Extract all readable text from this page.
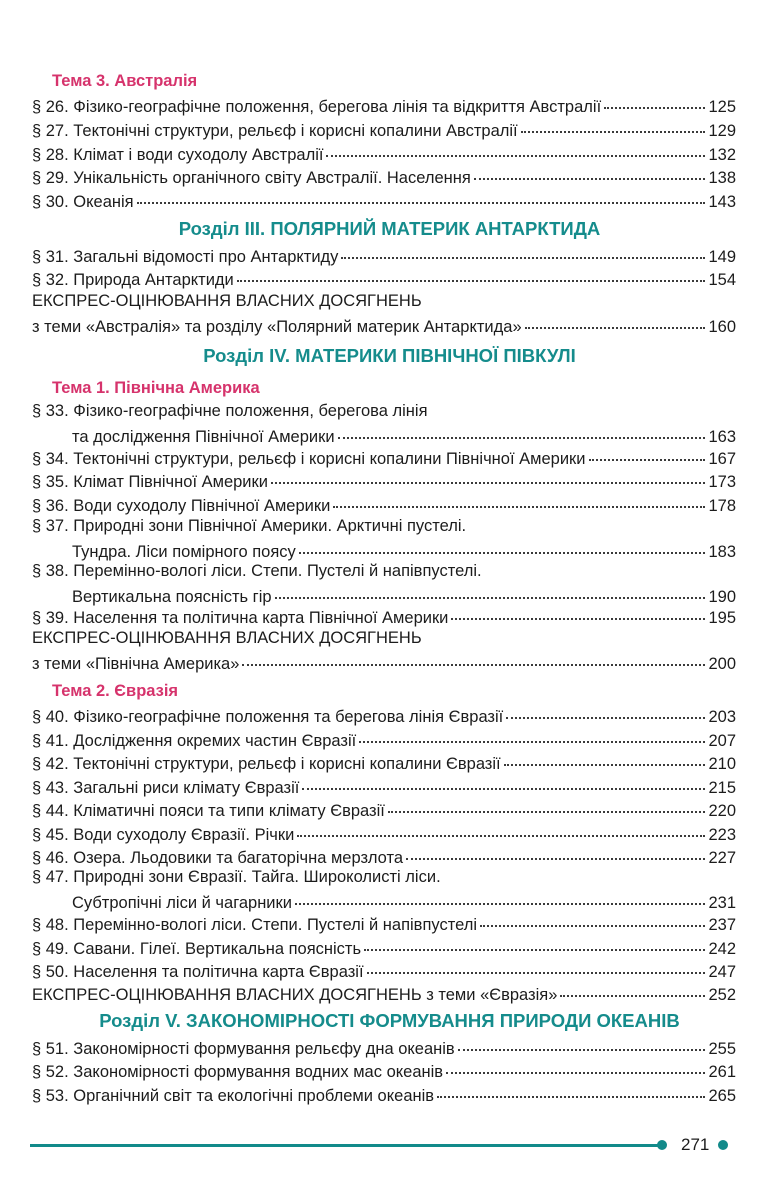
Тема 3. Австралія
§ 26. Фізико-географічне положення, берегова лінія та відкриття Австралії	125
§ 27. Тектонічні структури, рельєф і корисні копалини Австралії	129
§ 28. Клімат і води суходолу Австралії	132
§ 29. Унікальність органічного світу Австралії. Населення	138
§ 30. Океанія	143
Розділ III. ПОЛЯРНИЙ МАТЕРИК АНТАРКТИДА
§ 31. Загальні відомості про Антарктиду	149
§ 32. Природа Антарктиди	154
ЕКСПРЕС-ОЦІНЮВАННЯ ВЛАСНИХ ДОСЯГНЕНЬ
з теми «Австралія» та розділу «Полярний материк Антарктида»	160
Розділ IV. МАТЕРИКИ ПІВНІЧНОЇ ПІВКУЛІ
Тема 1. Північна Америка
§ 33. Фізико-географічне положення, берегова лінія
та дослідження Північної Америки	163
§ 34. Тектонічні структури, рельєф і корисні копалини Північної Америки	167
§ 35. Клімат Північної Америки	173
§ 36. Води суходолу Північної Америки	178
§ 37. Природні зони Північної Америки. Арктичні пустелі.
Тундра. Ліси помірного поясу	183
§ 38. Перемінно-вологі ліси. Степи. Пустелі й напівпустелі.
Вертикальна поясність гір	190
§ 39. Населення та політична карта Північної Америки	195
ЕКСПРЕС-ОЦІНЮВАННЯ ВЛАСНИХ ДОСЯГНЕНЬ
з теми «Північна Америка»	200
Тема 2. Євразія
§ 40. Фізико-географічне положення та берегова лінія Євразії	203
§ 41. Дослідження окремих частин Євразії	207
§ 42. Тектонічні структури, рельєф і корисні копалини Євразії	210
§ 43. Загальні риси клімату Євразії	215
§ 44. Кліматичні пояси та типи клімату Євразії	220
§ 45. Води суходолу Євразії. Річки	223
§ 46. Озера. Льодовики та багаторічна мерзлота	227
§ 47. Природні зони Євразії. Тайга. Широколисті ліси.
Субтропічні ліси й чагарники	231
§ 48. Перемінно-вологі ліси. Степи. Пустелі й напівпустелі	237
§ 49. Савани. Гілеї. Вертикальна поясність	242
§ 50. Населення та політична карта Євразії	247
ЕКСПРЕС-ОЦІНЮВАННЯ ВЛАСНИХ ДОСЯГНЕНЬ з теми «Євразія»	252
Розділ V. ЗАКОНОМІРНОСТІ ФОРМУВАННЯ ПРИРОДИ ОКЕАНІВ
§ 51. Закономірності формування рельєфу дна океанів	255
§ 52. Закономірності формування водних мас океанів	261
§ 53. Органічний світ та екологічні проблеми океанів	265
271
